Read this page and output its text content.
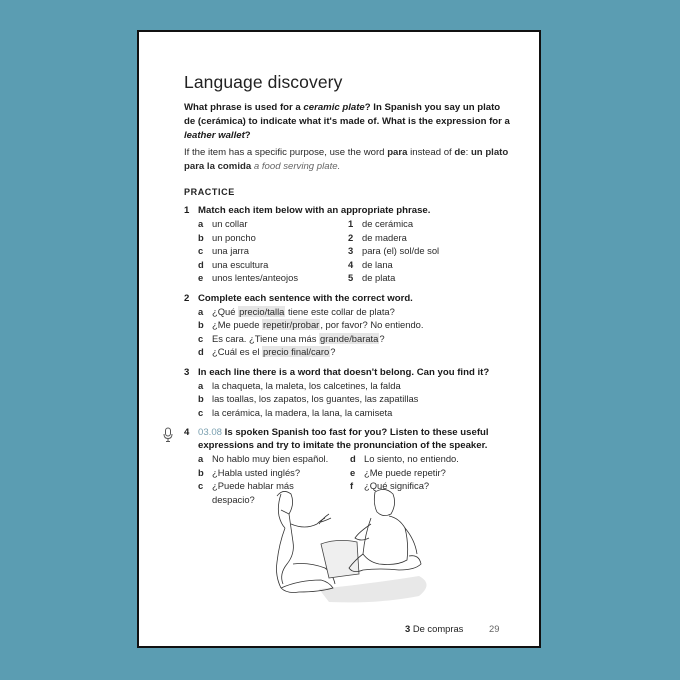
Language discovery
What phrase is used for a ceramic plate? In Spanish you say un plato de (cerámica) to indicate what it's made of. What is the expression for a leather wallet?
If the item has a specific purpose, use the word para instead of de: un plato para la comida a food serving plate.
PRACTICE
1 Match each item below with an appropriate phrase.
a un collar
b un poncho
c una jarra
d una escultura
e unos lentes/anteojos
1 de cerámica
2 de madera
3 para (el) sol/de sol
4 de lana
5 de plata
2 Complete each sentence with the correct word.
a ¿Qué precio/talla tiene este collar de plata?
b ¿Me puede repetir/probar, por favor? No entiendo.
c Es cara. ¿Tiene una más grande/barata?
d ¿Cuál es el precio final/caro?
3 In each line there is a word that doesn't belong. Can you find it?
a la chaqueta, la maleta, los calcetines, la falda
b las toallas, los zapatos, los guantes, las zapatillas
c la cerámica, la madera, la lana, la camiseta
4 03.08 Is spoken Spanish too fast for you? Listen to these useful expressions and try to imitate the pronunciation of the speaker.
a No hablo muy bien español.
b ¿Habla usted inglés?
c ¿Puede hablar más despacio?
d Lo siento, no entiendo.
e ¿Me puede repetir?
f ¿Qué significa?
3 De compras	29
